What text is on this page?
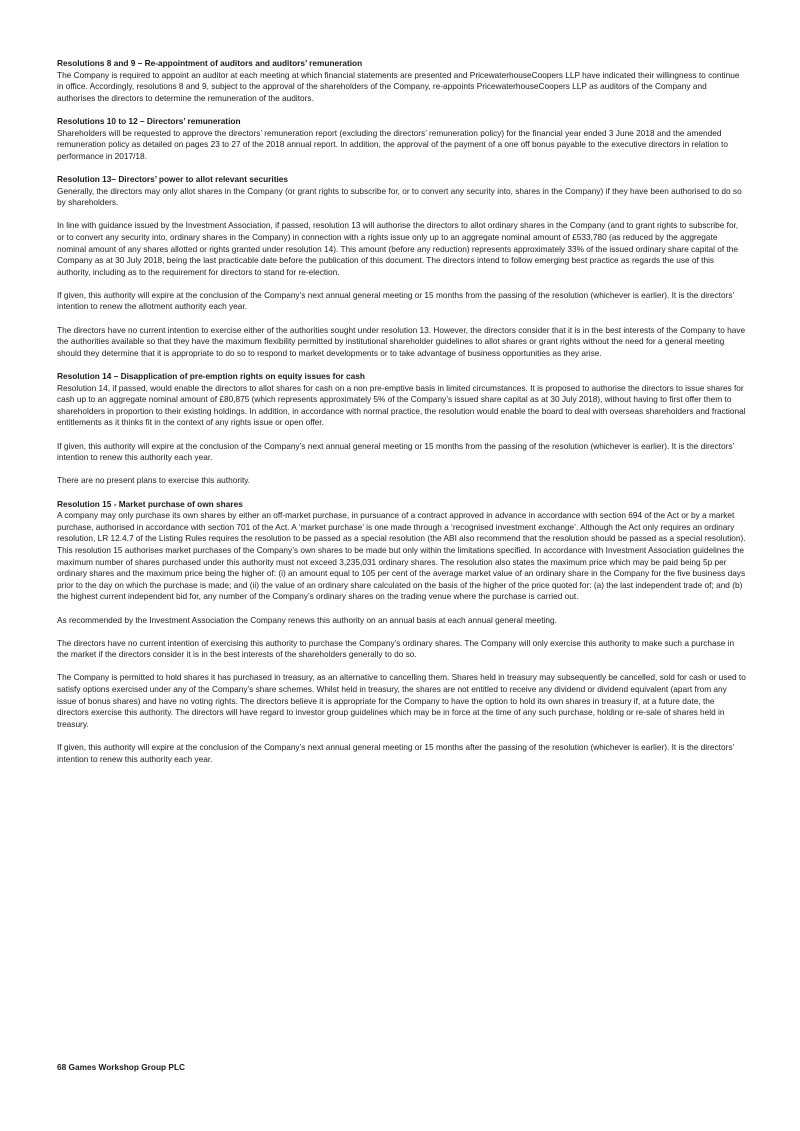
Resolutions 8 and 9 – Re-appointment of auditors and auditors’ remuneration

The Company is required to appoint an auditor at each meeting at which financial statements are presented and PricewaterhouseCoopers LLP have indicated their willingness to continue in office. Accordingly, resolutions 8 and 9, subject to the approval of the shareholders of the Company, re-appoints PricewaterhouseCoopers LLP as auditors of the Company and authorises the directors to determine the remuneration of the auditors.

Resolutions 10 to 12 – Directors’ remuneration

Shareholders will be requested to approve the directors’ remuneration report (excluding the directors’ remuneration policy) for the financial year ended 3 June 2018 and the amended remuneration policy as detailed on pages 23 to 27 of the 2018 annual report. In addition, the approval of the payment of a one off bonus payable to the executive directors in relation to performance in 2017/18.

Resolution 13– Directors’ power to allot relevant securities

Generally, the directors may only allot shares in the Company (or grant rights to subscribe for, or to convert any security into, shares in the Company) if they have been authorised to do so by shareholders.

In line with guidance issued by the Investment Association, if passed, resolution 13 will authorise the directors to allot ordinary shares in the Company (and to grant rights to subscribe for, or to convert any security into, ordinary shares in the Company) in connection with a rights issue only up to an aggregate nominal amount of £533,780 (as reduced by the aggregate nominal amount of any shares allotted or rights granted under resolution 14). This amount (before any reduction) represents approximately 33% of the issued ordinary share capital of the Company as at 30 July 2018, being the last practicable date before the publication of this document. The directors intend to follow emerging best practice as regards the use of this authority, including as to the requirement for directors to stand for re-election.

If given, this authority will expire at the conclusion of the Company’s next annual general meeting or 15 months from the passing of the resolution (whichever is earlier). It is the directors’ intention to renew the allotment authority each year.

The directors have no current intention to exercise either of the authorities sought under resolution 13. However, the directors consider that it is in the best interests of the Company to have the authorities available so that they have the maximum flexibility permitted by institutional shareholder guidelines to allot shares or grant rights without the need for a general meeting should they determine that it is appropriate to do so to respond to market developments or to take advantage of business opportunities as they arise.

Resolution 14 – Disapplication of pre-emption rights on equity issues for cash

Resolution 14, if passed, would enable the directors to allot shares for cash on a non pre-emptive basis in limited circumstances. It is proposed to authorise the directors to issue shares for cash up to an aggregate nominal amount of £80,875 (which represents approximately 5% of the Company’s issued share capital as at 30 July 2018), without having to first offer them to shareholders in proportion to their existing holdings. In addition, in accordance with normal practice, the resolution would enable the board to deal with overseas shareholders and fractional entitlements as it thinks fit in the context of any rights issue or open offer.

If given, this authority will expire at the conclusion of the Company’s next annual general meeting or 15 months from the passing of the resolution (whichever is earlier). It is the directors’ intention to renew this authority each year.

There are no present plans to exercise this authority.

Resolution 15 - Market purchase of own shares

A company may only purchase its own shares by either an off-market purchase, in pursuance of a contract approved in advance in accordance with section 694 of the Act or by a market purchase, authorised in accordance with section 701 of the Act. A ‘market purchase’ is one made through a ‘recognised investment exchange’. Although the Act only requires an ordinary resolution, LR 12.4.7 of the Listing Rules requires the resolution to be passed as a special resolution (the ABI also recommend that the resolution should be passed as a special resolution). This resolution 15 authorises market purchases of the Company’s own shares to be made but only within the limitations specified. In accordance with Investment Association guidelines the maximum number of shares purchased under this authority must not exceed 3,235,031 ordinary shares. The resolution also states the maximum price which may be paid being 5p per ordinary shares and the maximum price being the higher of: (i) an amount equal to 105 per cent of the average market value of an ordinary share in the Company for the five business days prior to the day on which the purchase is made; and (ii) the value of an ordinary share calculated on the basis of the higher of the price quoted for: (a) the last independent trade of; and (b) the highest current independent bid for, any number of the Company’s ordinary shares on the trading venue where the purchase is carried out.

As recommended by the Investment Association the Company renews this authority on an annual basis at each annual general meeting.

The directors have no current intention of exercising this authority to purchase the Company’s ordinary shares. The Company will only exercise this authority to make such a purchase in the market if the directors consider it is in the best interests of the shareholders generally to do so.

The Company is permitted to hold shares it has purchased in treasury, as an alternative to cancelling them. Shares held in treasury may subsequently be cancelled, sold for cash or used to satisfy options exercised under any of the Company’s share schemes. Whilst held in treasury, the shares are not entitled to receive any dividend or dividend equivalent (apart from any issue of bonus shares) and have no voting rights. The directors believe it is appropriate for the Company to have the option to hold its own shares in treasury if, at a future date, the directors exercise this authority. The directors will have regard to investor group guidelines which may be in force at the time of any such purchase, holding or re-sale of shares held in treasury.

If given, this authority will expire at the conclusion of the Company’s next annual general meeting or 15 months after the passing of the resolution (whichever is earlier). It is the directors’ intention to renew this authority each year.

68 Games Workshop Group PLC
